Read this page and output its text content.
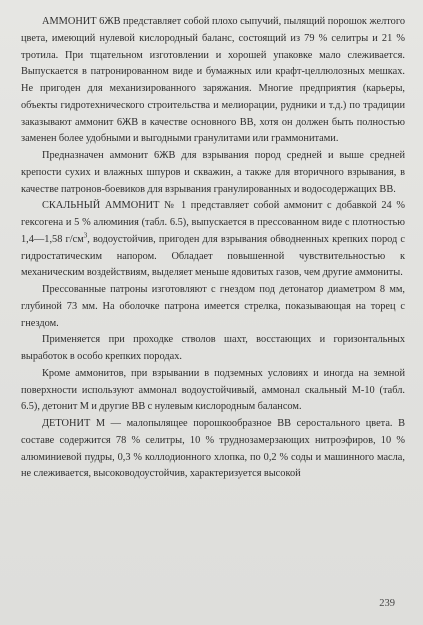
АММОНИТ 6ЖВ представляет собой плохо сыпучий, пылящий порошок желтого цвета, имеющий нулевой кислородный баланс, состоящий из 79 % селитры и 21 % тротила. При тщательном изготовлении и хорошей упаковке мало слеживается. Выпускается в патронированном виде и бумажных или крафт-целлюлозных мешках. Не пригоден для механизированного заряжания. Многие предприятия (карьеры, объекты гидротехнического строительства и мелиорации, рудники и т.д.) по традиции заказывают аммонит 6ЖВ в качестве основного ВВ, хотя он должен быть полностью заменен более удобными и выгодными гранулитами или граммонитами.

Предназначен аммонит 6ЖВ для взрывания пород средней и выше средней крепости сухих и влажных шпуров и скважин, а также для вторичного взрывания, в качестве патронов-боевиков для взрывания гранулированных и водосодержащих ВВ.

СКАЛЬНЫЙ АММОНИТ № 1 представляет собой аммонит с добавкой 24 % гексогена и 5 % алюминия (табл. 6.5), выпускается в прессованном виде с плотностью 1,4—1,58 $г/см^3$, водоустойчив, пригоден для взрывания обводненных крепких пород с гидростатическим напором. Обладает повышенной чувствительностью к механическим воздействиям, выделяет меньше ядовитых газов, чем другие аммониты.

Прессованные патроны изготовляют с гнездом под детонатор диаметром 8 мм, глубиной 73 мм. На оболочке патрона имеется стрелка, показывающая на торец с гнездом.

Применяется при проходке стволов шахт, восстающих и горизонтальных выработок в особо крепких породах.

Кроме аммонитов, при взрывании в подземных условиях и иногда на земной поверхности используют аммонал водоустойчивый, аммонал скальный М-10 (табл. 6.5), детонит М и другие ВВ с нулевым кислородным балансом.

ДЕТОНИТ М — малопылящее порошкообразное ВВ серостального цвета. В составе содержится 78 % селитры, 10 % труднозамерзающих нитроэфиров, 10 % алюминиевой пудры, 0,3 % коллодионного хлопка, по 0,2 % соды и машинного масла, не слеживается, высоководоустойчив, характеризуется высокой

239
